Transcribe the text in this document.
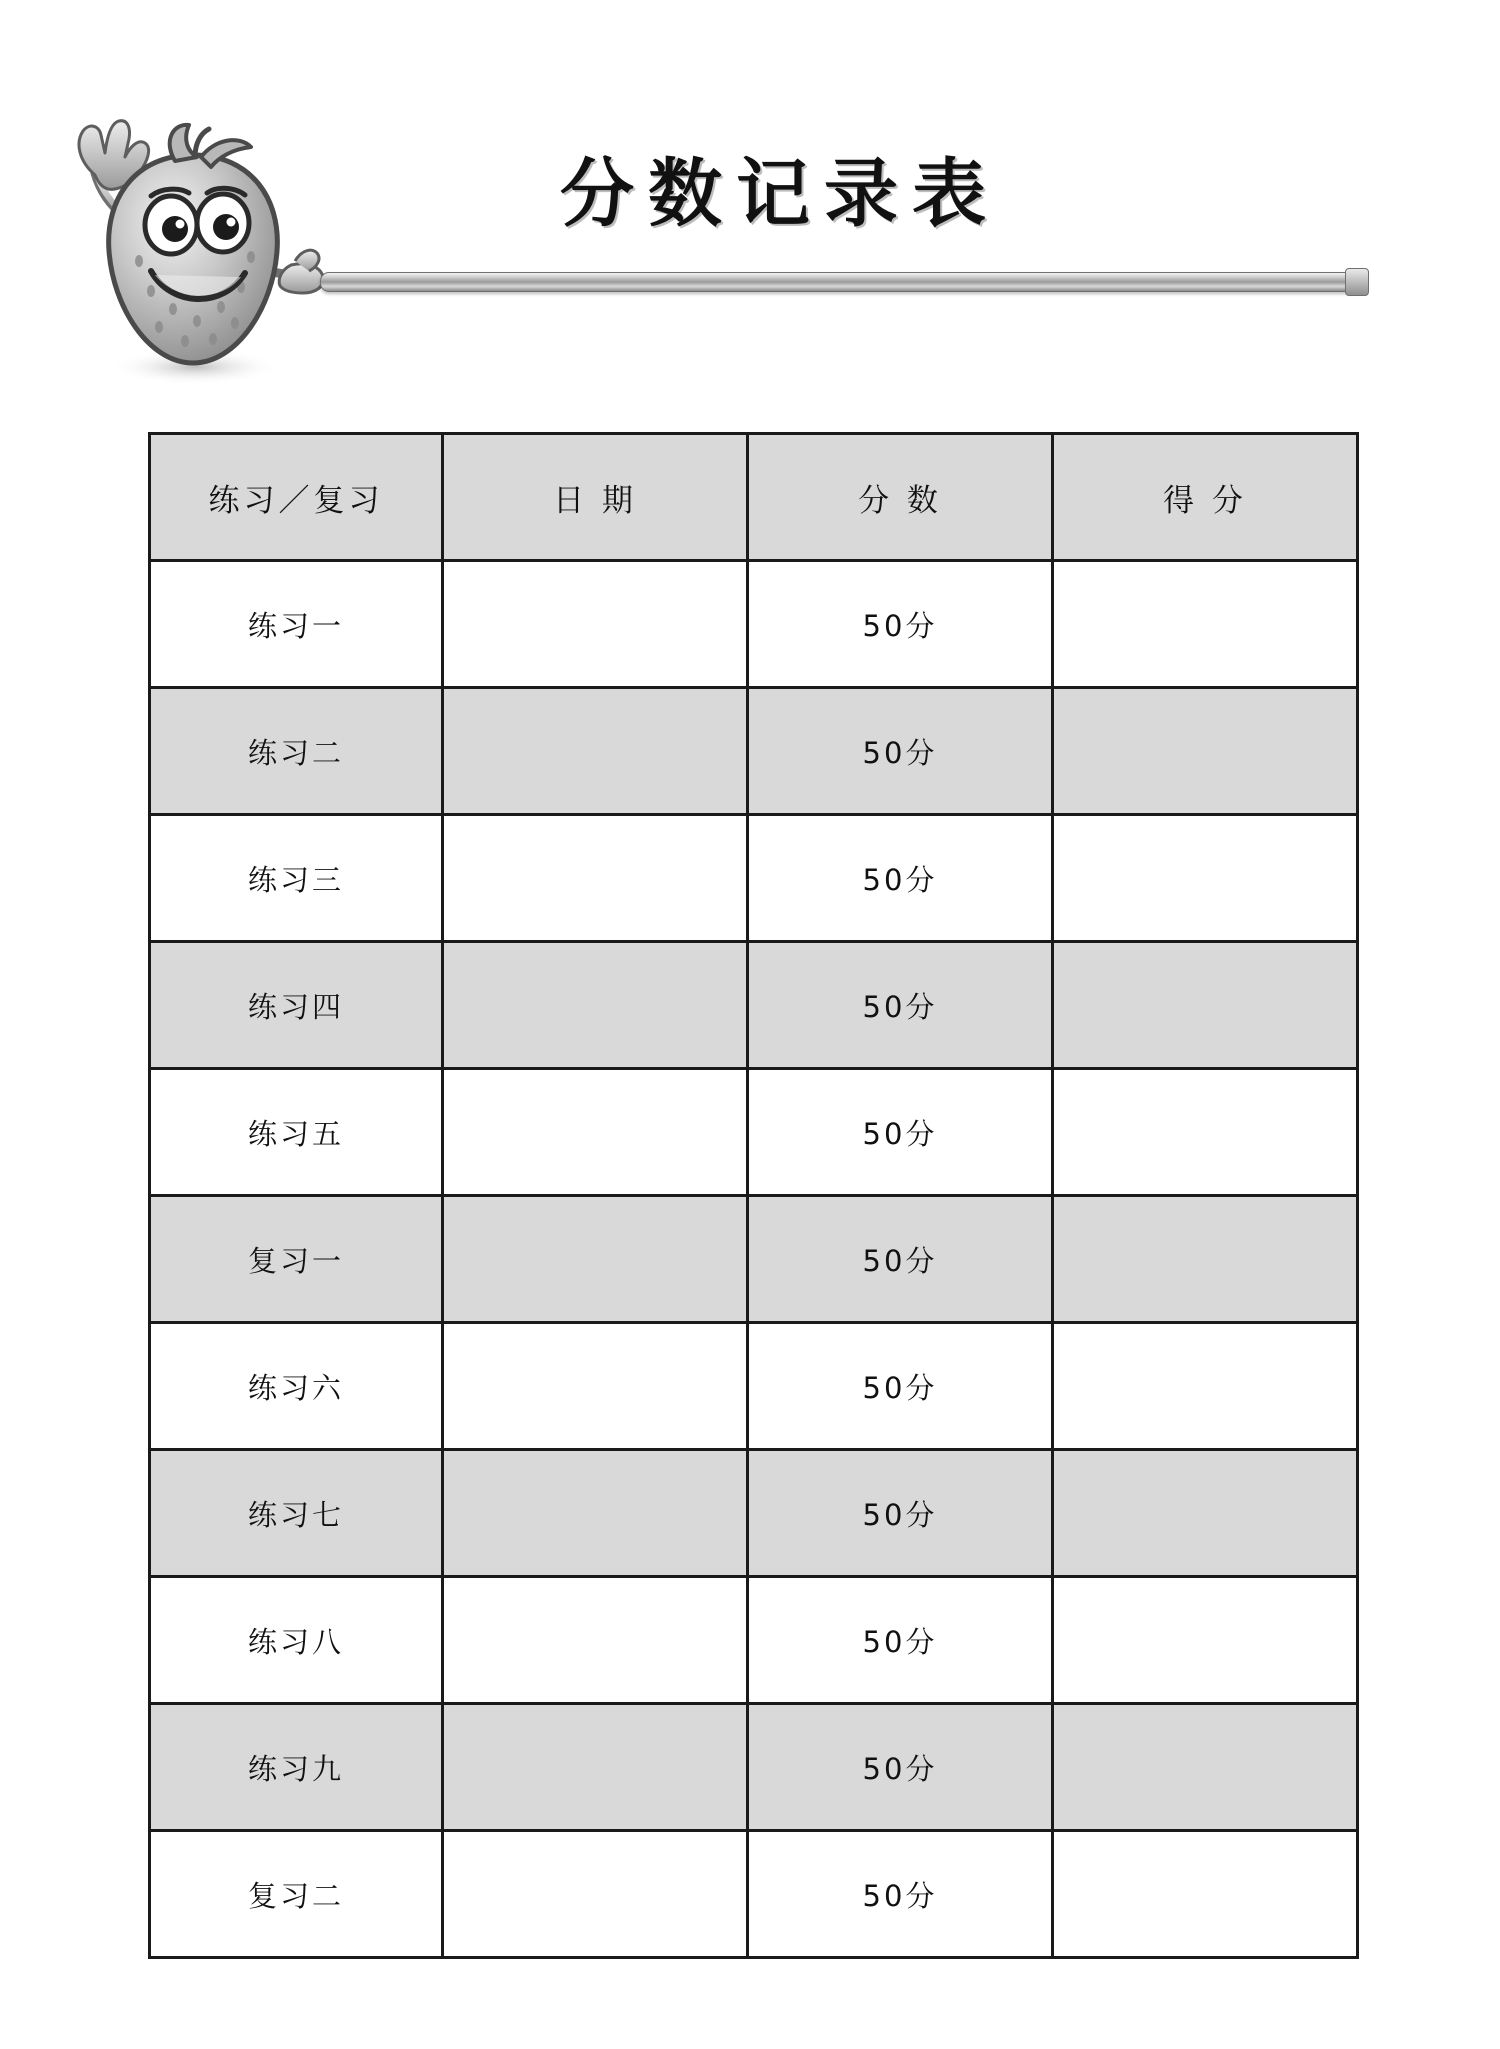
分数记录表
练习／复习	日 期	分 数	得 分
练习一		50分	
练习二		50分	
练习三		50分	
练习四		50分	
练习五		50分	
复习一		50分	
练习六		50分	
练习七		50分	
练习八		50分	
练习九		50分	
复习二		50分	
